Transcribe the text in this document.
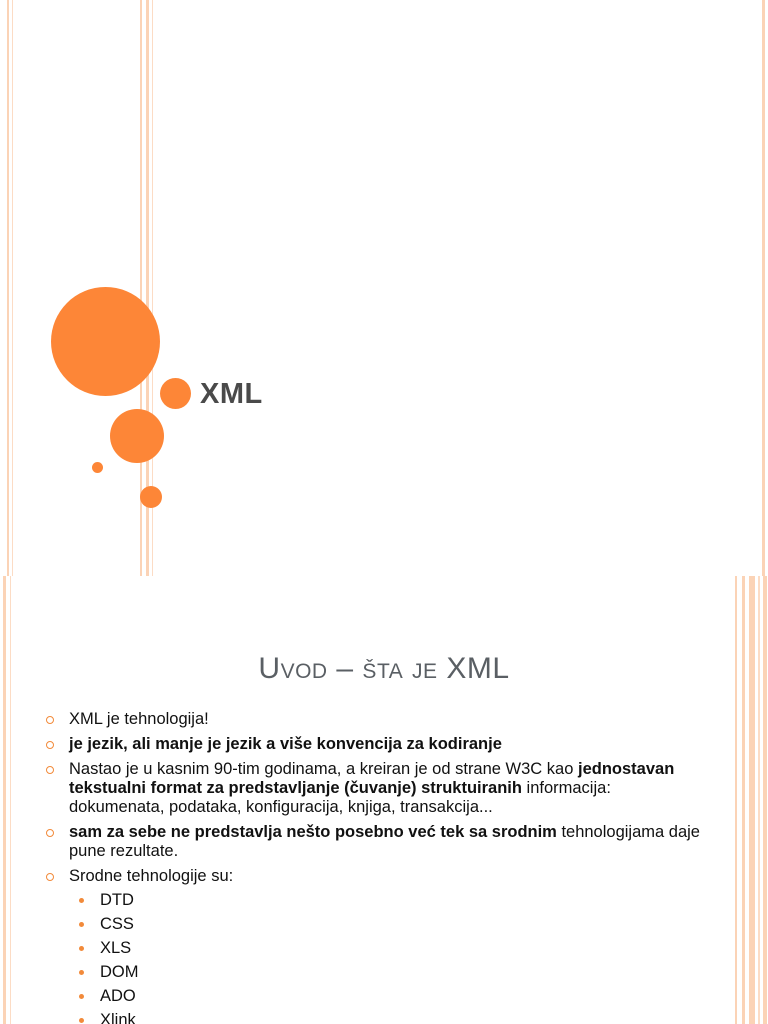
XML
Uvod – šta je XML
XML je tehnologija!
je jezik, ali manje je jezik a više konvencija za kodiranje
Nastao je u kasnim 90-tim godinama, a kreiran je od strane W3C kao jednostavan tekstualni format za predstavljanje (čuvanje) struktuiranih informacija: dokumenata, podataka, konfiguracija, knjiga, transakcija...
sam za sebe ne predstavlja nešto posebno već tek sa srodnim tehnologijama daje pune rezultate.
Srodne tehnologije su:
DTD
CSS
XLS
DOM
ADO
Xlink
